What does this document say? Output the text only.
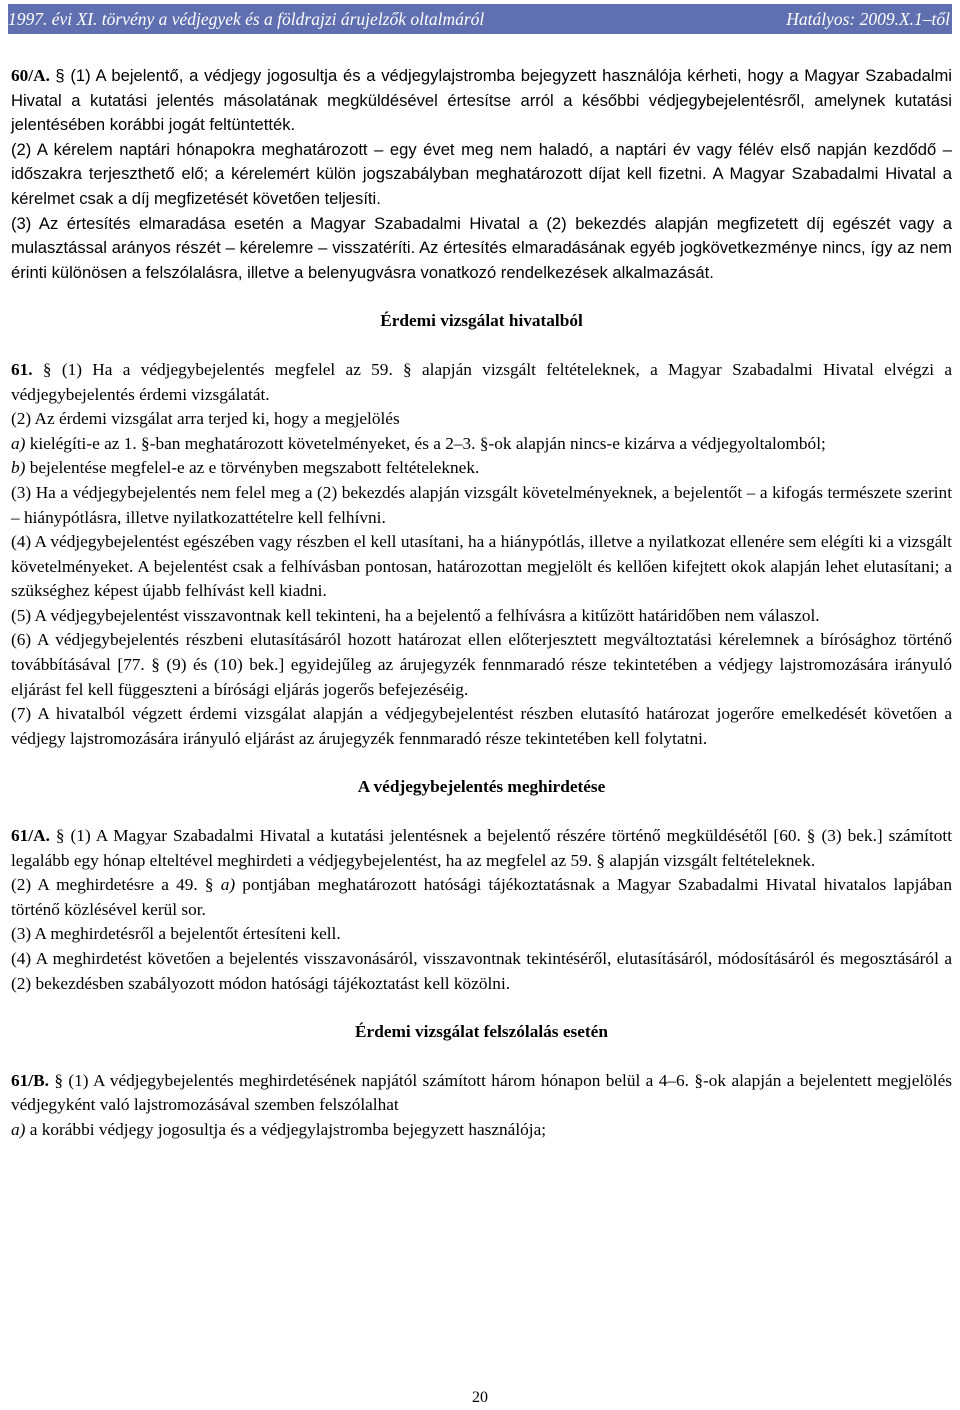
1997. évi XI. törvény a védjegyek és a földrajzi árujelzők oltalmáról	Hatályos: 2009.X.1–től

60/A. § (1) A bejelentő, a védjegy jogosultja és a védjegylajstromba bejegyzett használója kérheti, hogy a Magyar Szabadalmi Hivatal a kutatási jelentés másolatának megküldésével értesítse arról a későbbi védjegybejelentésről, amelynek kutatási jelentésében korábbi jogát feltüntették.

(2) A kérelem naptári hónapokra meghatározott – egy évet meg nem haladó, a naptári év vagy félév első napján kezdődő – időszakra terjeszthető elő; a kérelemért külön jogszabályban meghatározott díjat kell fizetni. A Magyar Szabadalmi Hivatal a kérelmet csak a díj megfizetését követően teljesíti.

(3) Az értesítés elmaradása esetén a Magyar Szabadalmi Hivatal a (2) bekezdés alapján megfizetett díj egészét vagy a mulasztással arányos részét – kérelemre – visszatéríti. Az értesítés elmaradásának egyéb jogkövetkezménye nincs, így az nem érinti különösen a felszólalásra, illetve a belenyugvásra vonatkozó rendelkezések alkalmazását.

Érdemi vizsgálat hivatalból

61. § (1) Ha a védjegybejelentés megfelel az 59. § alapján vizsgált feltételeknek, a Magyar Szabadalmi Hivatal elvégzi a védjegybejelentés érdemi vizsgálatát.

(2) Az érdemi vizsgálat arra terjed ki, hogy a megjelölés

a) kielégíti-e az 1. §-ban meghatározott követelményeket, és a 2–3. §-ok alapján nincs-e kizárva a védjegyoltalomból;

b) bejelentése megfelel-e az e törvényben megszabott feltételeknek.

(3) Ha a védjegybejelentés nem felel meg a (2) bekezdés alapján vizsgált követelményeknek, a bejelentőt – a kifogás természete szerint – hiánypótlásra, illetve nyilatkozattételre kell felhívni.

(4) A védjegybejelentést egészében vagy részben el kell utasítani, ha a hiánypótlás, illetve a nyilatkozat ellenére sem elégíti ki a vizsgált követelményeket. A bejelentést csak a felhívásban pontosan, határozottan megjelölt és kellően kifejtett okok alapján lehet elutasítani; a szükséghez képest újabb felhívást kell kiadni.

(5) A védjegybejelentést visszavontnak kell tekinteni, ha a bejelentő a felhívásra a kitűzött határidőben nem válaszol.

(6) A védjegybejelentés részbeni elutasításáról hozott határozat ellen előterjesztett megváltoztatási kérelemnek a bírósághoz történő továbbításával [77. § (9) és (10) bek.] egyidejűleg az árujegyzék fennmaradó része tekintetében a védjegy lajstromozására irányuló eljárást fel kell függeszteni a bírósági eljárás jogerős befejezéséig.

(7) A hivatalból végzett érdemi vizsgálat alapján a védjegybejelentést részben elutasító határozat jogerőre emelkedését követően a védjegy lajstromozására irányuló eljárást az árujegyzék fennmaradó része tekintetében kell folytatni.

A védjegybejelentés meghirdetése

61/A. § (1) A Magyar Szabadalmi Hivatal a kutatási jelentésnek a bejelentő részére történő megküldésétől [60. § (3) bek.] számított legalább egy hónap elteltével meghirdeti a védjegybejelentést, ha az megfelel az 59. § alapján vizsgált feltételeknek.

(2) A meghirdetésre a 49. § a) pontjában meghatározott hatósági tájékoztatásnak a Magyar Szabadalmi Hivatal hivatalos lapjában történő közlésével kerül sor.

(3) A meghirdetésről a bejelentőt értesíteni kell.

(4) A meghirdetést követően a bejelentés visszavonásáról, visszavontnak tekintéséről, elutasításáról, módosításáról és megosztásáról a (2) bekezdésben szabályozott módon hatósági tájékoztatást kell közölni.

Érdemi vizsgálat felszólalás esetén

61/B. § (1) A védjegybejelentés meghirdetésének napjától számított három hónapon belül a 4–6. §-ok alapján a bejelentett megjelölés védjegyként való lajstromozásával szemben felszólalhat

a) a korábbi védjegy jogosultja és a védjegylajstromba bejegyzett használója;

20
